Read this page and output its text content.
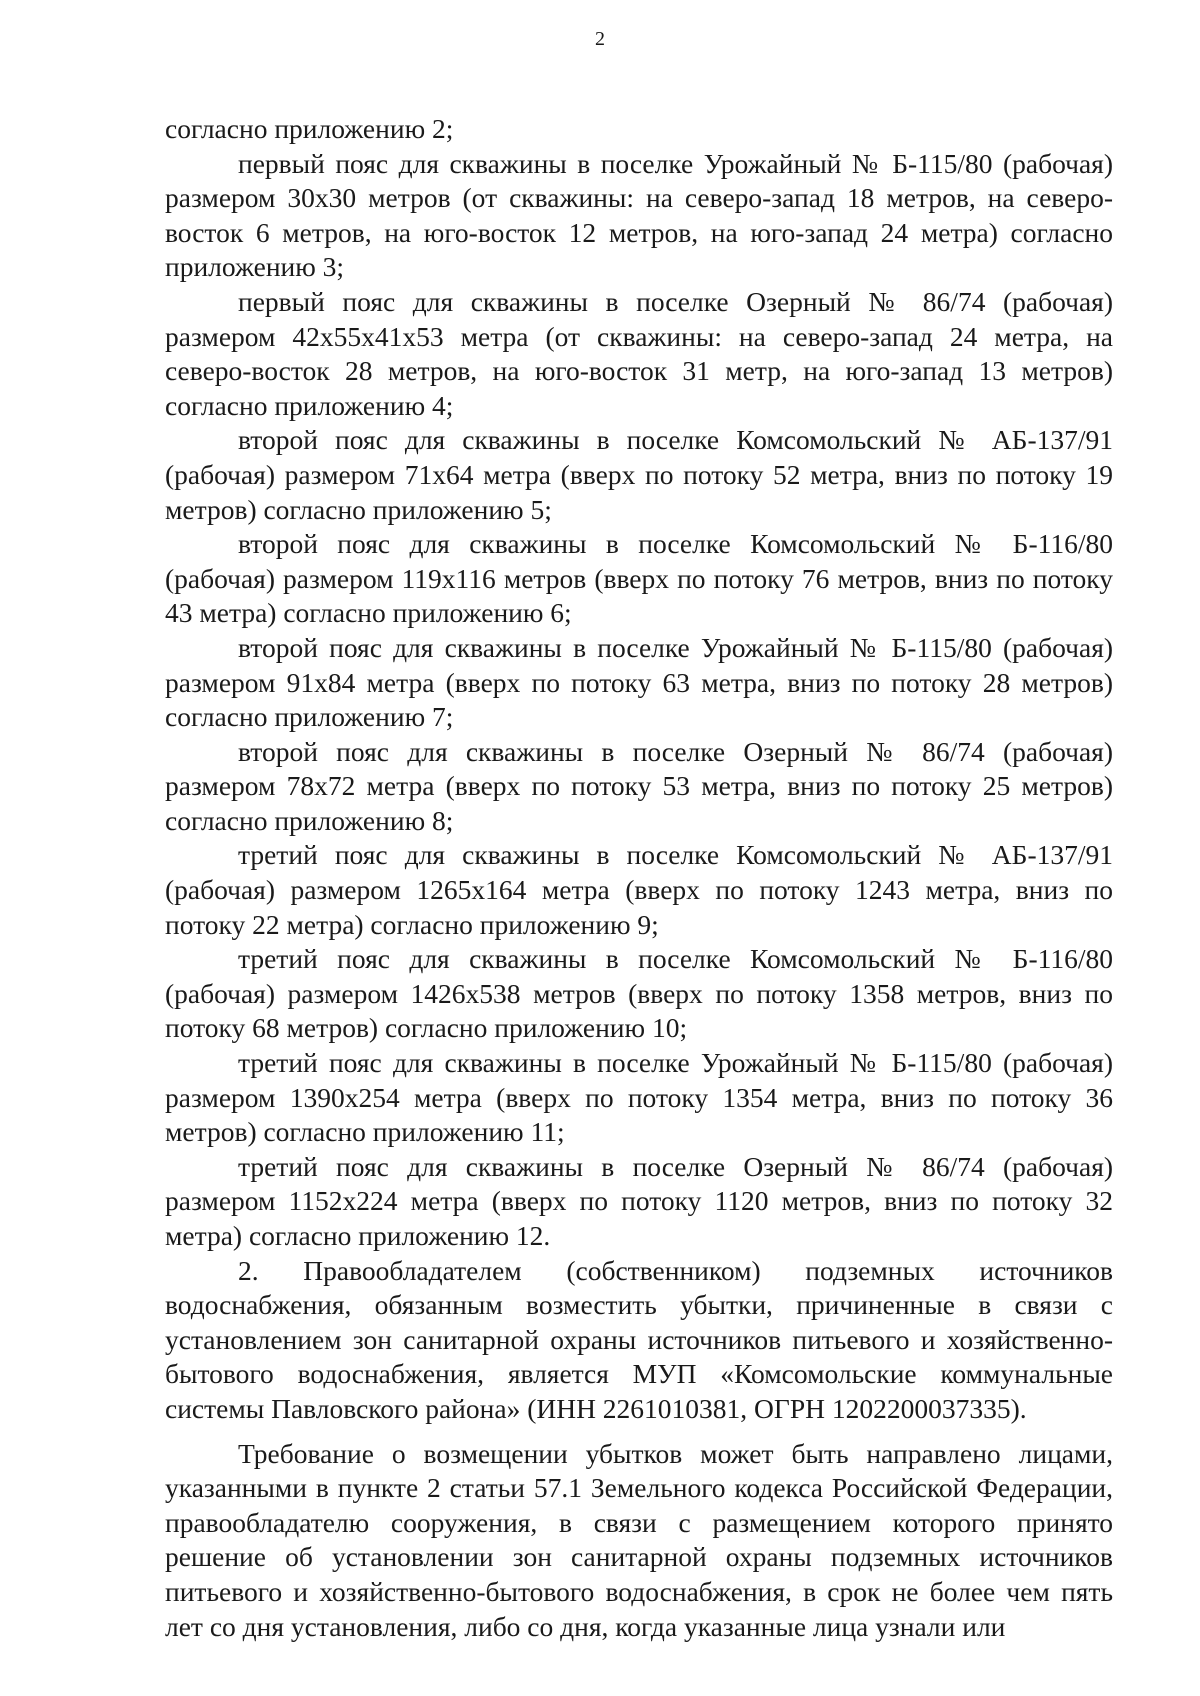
2

согласно приложению 2;

первый пояс для скважины в поселке Урожайный № Б-115/80 (рабочая) размером 30х30 метров (от скважины: на северо-запад 18 метров, на северо-восток 6 метров, на юго-восток 12 метров, на юго-запад 24 метра) согласно приложению 3;

первый пояс для скважины в поселке Озерный № 86/74 (рабочая) размером 42х55х41х53 метра (от скважины: на северо-запад 24 метра, на северо-восток 28 метров, на юго-восток 31 метр, на юго-запад 13 метров) согласно приложению 4;

второй пояс для скважины в поселке Комсомольский № АБ-137/91 (рабочая) размером 71х64 метра (вверх по потоку 52 метра, вниз по потоку 19 метров) согласно приложению 5;

второй пояс для скважины в поселке Комсомольский № Б-116/80 (рабочая) размером 119х116 метров (вверх по потоку 76 метров, вниз по потоку 43 метра) согласно приложению 6;

второй пояс для скважины в поселке Урожайный № Б-115/80 (рабочая) размером 91х84 метра (вверх по потоку 63 метра, вниз по потоку 28 метров) согласно приложению 7;

второй пояс для скважины в поселке Озерный № 86/74 (рабочая) размером 78х72 метра (вверх по потоку 53 метра, вниз по потоку 25 метров) согласно приложению 8;

третий пояс для скважины в поселке Комсомольский № АБ-137/91 (рабочая) размером 1265х164 метра (вверх по потоку 1243 метра, вниз по потоку 22 метра) согласно приложению 9;

третий пояс для скважины в поселке Комсомольский № Б-116/80 (рабочая) размером 1426х538 метров (вверх по потоку 1358 метров, вниз по потоку 68 метров) согласно приложению 10;

третий пояс для скважины в поселке Урожайный № Б-115/80 (рабочая) размером 1390х254 метра (вверх по потоку 1354 метра, вниз по потоку 36 метров) согласно приложению 11;

третий пояс для скважины в поселке Озерный № 86/74 (рабочая) размером 1152х224 метра (вверх по потоку 1120 метров, вниз по потоку 32 метра) согласно приложению 12.

2. Правообладателем (собственником) подземных источников водоснабжения, обязанным возместить убытки, причиненные в связи с установлением зон санитарной охраны источников питьевого и хозяйственно-бытового водоснабжения, является МУП «Комсомольские коммунальные системы Павловского района» (ИНН 2261010381, ОГРН 1202200037335).

Требование о возмещении убытков может быть направлено лицами, указанными в пункте 2 статьи 57.1 Земельного кодекса Российской Федерации, правообладателю сооружения, в связи с размещением которого принято решение об установлении зон санитарной охраны подземных источников питьевого и хозяйственно-бытового водоснабжения, в срок не более чем пять лет со дня установления, либо со дня, когда указанные лица узнали или
